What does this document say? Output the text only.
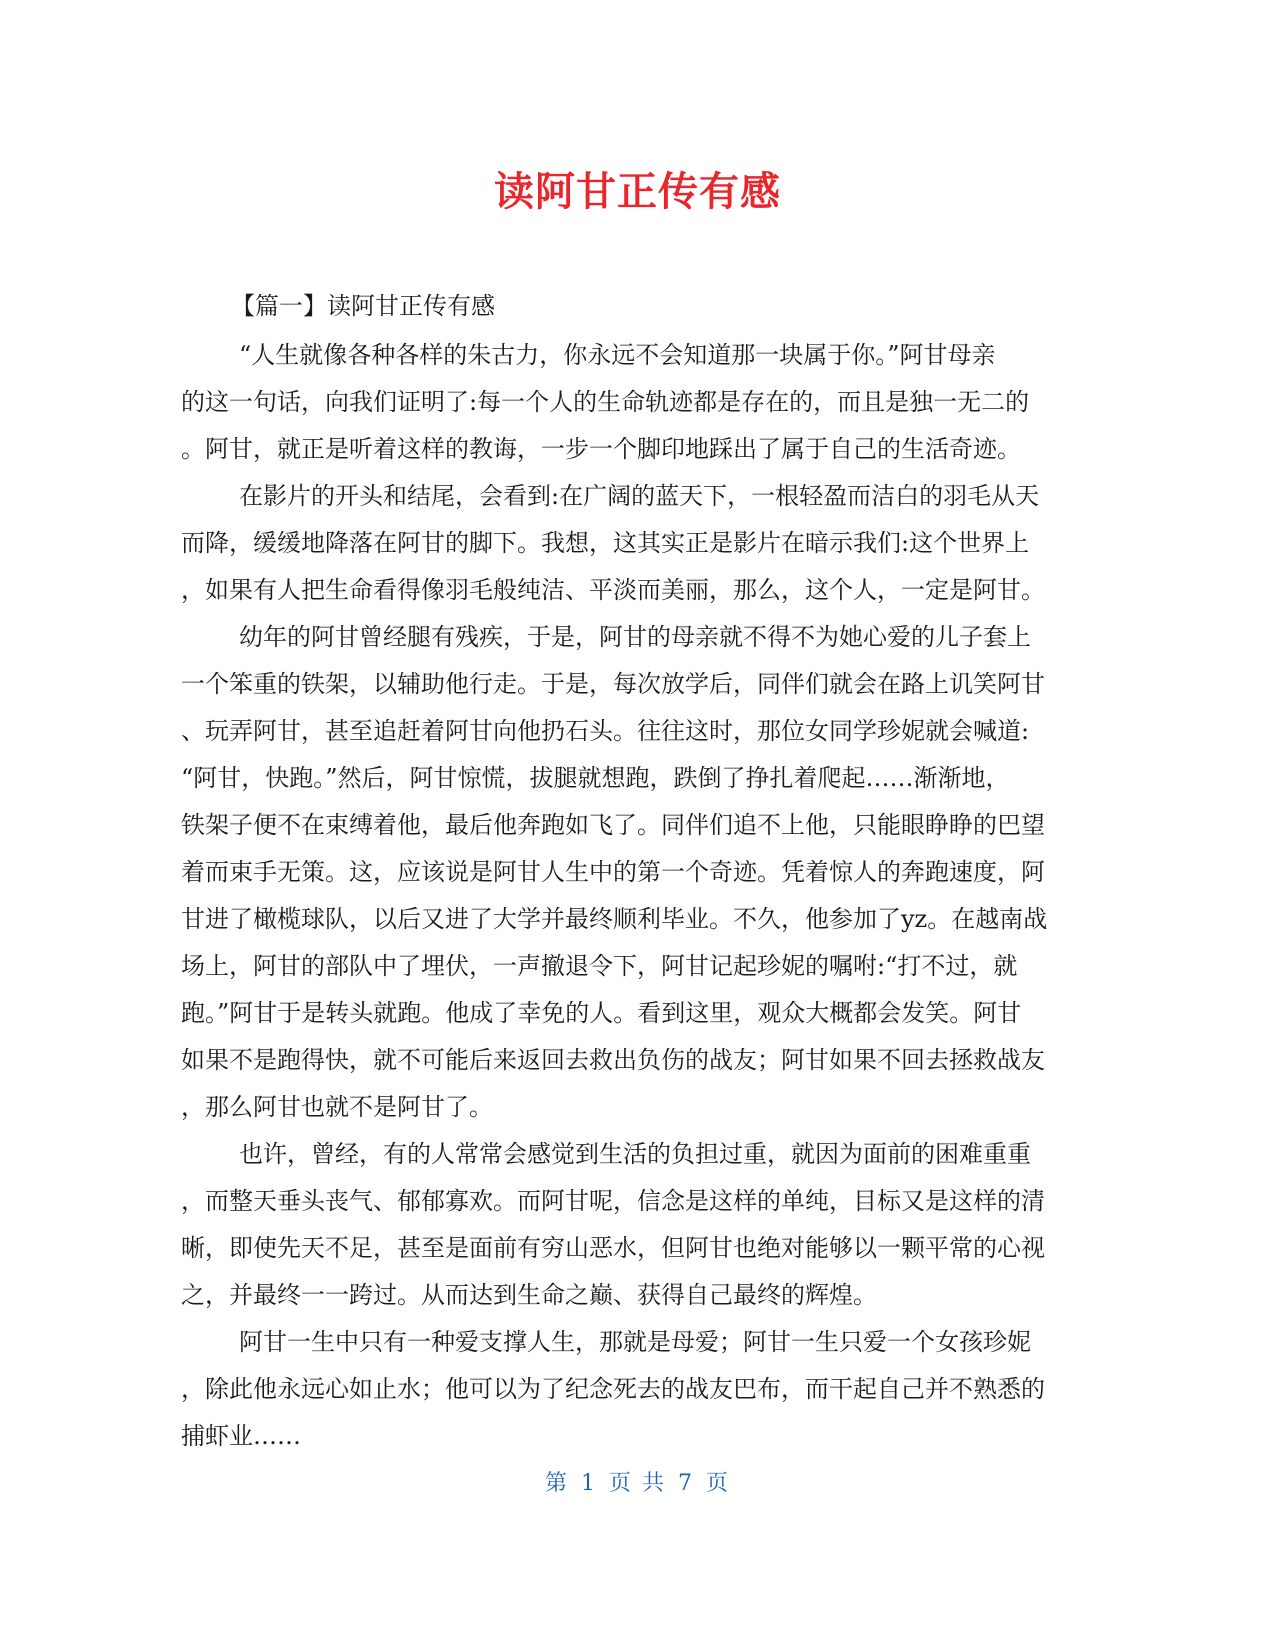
读阿甘正传有感

【篇一】读阿甘正传有感

“人生就像各种各样的朱古力，你永远不会知道那一块属于你。”阿甘母亲

的这一句话，向我们证明了:每一个人的生命轨迹都是存在的，而且是独一无二的

。阿甘，就正是听着这样的教诲，一步一个脚印地踩出了属于自己的生活奇迹。

在影片的开头和结尾，会看到:在广阔的蓝天下，一根轻盈而洁白的羽毛从天

而降，缓缓地降落在阿甘的脚下。我想，这其实正是影片在暗示我们:这个世界上

，如果有人把生命看得像羽毛般纯洁、平淡而美丽，那么，这个人，一定是阿甘。

幼年的阿甘曾经腿有残疾，于是，阿甘的母亲就不得不为她心爱的儿子套上

一个笨重的铁架，以辅助他行走。于是，每次放学后，同伴们就会在路上讥笑阿甘

、玩弄阿甘，甚至追赶着阿甘向他扔石头。往往这时，那位女同学珍妮就会喊道:

“阿甘，快跑。”然后，阿甘惊慌，拔腿就想跑，跌倒了挣扎着爬起……渐渐地，

铁架子便不在束缚着他，最后他奔跑如飞了。同伴们追不上他，只能眼睁睁的巴望

着而束手无策。这，应该说是阿甘人生中的第一个奇迹。凭着惊人的奔跑速度，阿

甘进了橄榄球队，以后又进了大学并最终顺利毕业。不久，他参加了yz。在越南战

场上，阿甘的部队中了埋伏，一声撤退令下，阿甘记起珍妮的嘱咐:“打不过，就

跑。”阿甘于是转头就跑。他成了幸免的人。看到这里，观众大概都会发笑。阿甘

如果不是跑得快，就不可能后来返回去救出负伤的战友；阿甘如果不回去拯救战友

，那么阿甘也就不是阿甘了。

也许，曾经，有的人常常会感觉到生活的负担过重，就因为面前的困难重重

，而整天垂头丧气、郁郁寡欢。而阿甘呢，信念是这样的单纯，目标又是这样的清

晰，即使先天不足，甚至是面前有穷山恶水，但阿甘也绝对能够以一颗平常的心视

之，并最终一一跨过。从而达到生命之巅、获得自己最终的辉煌。

阿甘一生中只有一种爱支撑人生，那就是母爱；阿甘一生只爱一个女孩珍妮

，除此他永远心如止水；他可以为了纪念死去的战友巴布，而干起自己并不熟悉的

捕虾业……

第 1 页 共 7 页
